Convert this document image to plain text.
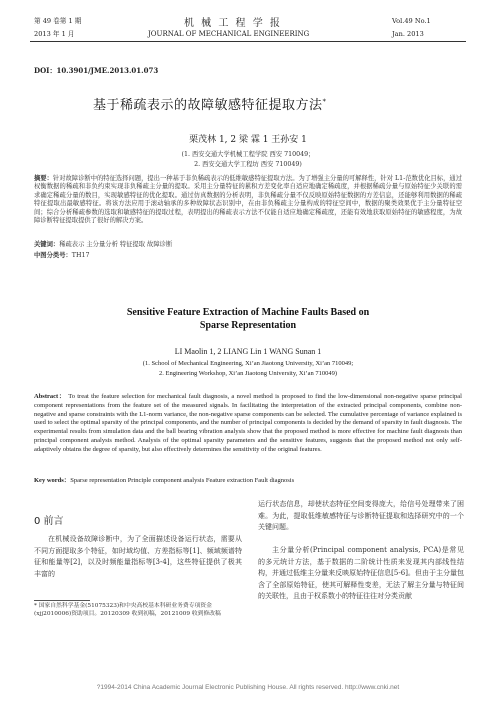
第 49 卷第 1 期
2013 年 1 月
机 械 工 程 学 报
JOURNAL OF MECHANICAL ENGINEERING
Vol.49 No.1
Jan. 2013
DOI：10.3901/JME.2013.01.073
基于稀疏表示的故障敏感特征提取方法*
栗茂林 1, 2 梁 霖 1 王孙安 1
(1. 西安交通大学机械工程学院 西安 710049；
2. 西安交通大学工程坊 西安 710049)
摘要：针对故障诊断中的特征选择问题，提出一种基于非负稀疏表示的低维敏感特征提取方法。为了增强主分量的可解释性，针对 L1-范数优化目标，通过权衡数据的稀疏和非负约束实现非负稀疏主分量的提取。采用主分量特征的累积方差变化率自适应地确定稀疏度，并根据稀疏分量与原始特征少关联的需求确定稀疏分量的数目，实现敏感特征的优化提取。通过仿真数据的分析表明，非负稀疏分量不仅反映原始特征数据的方差信息，还能够利用数据的稀疏特征提取出最敏感特征。将该方法应用于滚动轴承的多种故障状态识别中，在由非负稀疏主分量构成的特征空间中，数据的聚类效果优于主分量特征空间；综合分析稀疏参数的选取和敏感特征的提取过程，表明提出的稀疏表示方法不仅能自适应地确定稀疏度，还能有效地获取原始特征的敏感程度，为故障诊断特征提取提供了很好的解决方案。
关键词：稀疏表示 主分量分析 特征提取 故障诊断
中图分类号：TH17
Sensitive Feature Extraction of Machine Faults Based on
Sparse Representation
LI Maolin 1, 2 LIANG Lin 1 WANG Sunan 1
(1. School of Mechanical Engineering, Xi’an Jiaotong University, Xi’an 710049;
2. Engineering Workshop, Xi’an Jiaotong University, Xi’an 710049)
Abstract： To treat the feature selection for mechanical fault diagnosis, a novel method is proposed to find the low-dimensional non-negative sparse principal component representations from the feature set of the measured signals. In facilitating the interpretation of the extracted principal components, combine non-negative and sparse constraints with the L1-norm variance, the non-negative sparse components can be selected. The cumulative percentage of variance explained is used to select the optimal sparsity of the principal components, and the number of principal components is decided by the demand of sparsity in fault diagnosis. The experimental results from simulation data and the ball bearing vibration analysis show that the proposed method is more effective for machine fault diagnosis than principal component analysis method. Analysis of the optimal sparsity parameters and the sensitive features, suggests that the proposed method not only self-adaptively obtains the degree of sparsity, but also effectively determines the sensitivity of the original features.
Key words：Sparse representation Principle component analysis Feature extraction Fault diagnosis
0 前言
在机械设备故障诊断中，为了全面描述设备运行状态，需要从不同方面提取多个特征，如时域均值、方差指标等[1]、频域频谱特征和能量等[2]，以及时频能量指标等[3-4]，这些特征提供了极其丰富的
* 国家自然科学基金(51075323)和中央高校基本科研业务费专项资金(xjj2010006)资助项目。20120309 收到初稿，20121009 收到修改稿
运行状态信息，却使状态特征空间变得庞大，给信号处理带来了困难。为此，提取低维敏感特征与诊断特征提取和选择研究中的一个关键问题。
主分量分析(Principal component analysis, PCA)是常见的多元统计方法，基于数据的二阶统计性质来发现其内部线性结构，并通过低维主分量来反映原始特征信息[5-6]。但由于主分量包含了全部原始特征，使其可解释性变差，无法了解主分量与特征间的关联性，且由于权系数小的特征往往对分类贡献
?1994-2014 China Academic Journal Electronic Publishing House. All rights reserved. http://www.cnki.net
